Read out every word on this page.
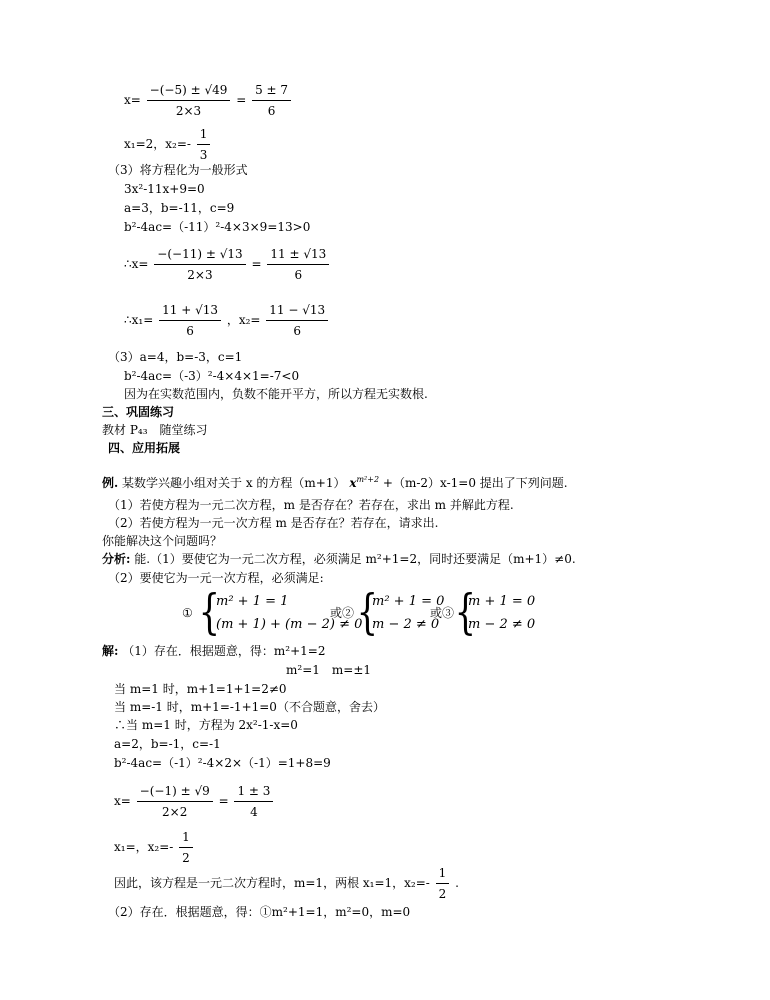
$x= \frac{-(-5) \pm √49}{2\times 3} = \frac{5 \pm 7}{6}$
x₁=2，$x_2=- \frac{1}{3}$
（3）将方程化为一般形式
3x²-11x+9=0
a=3，b=-11，c=9
b²-4ac=（-11）²-4×3×9=13>0
∴x= $\frac{-(-11) \pm √13}{2\times 3} = \frac{11 \pm √13}{6}$
∴x₁= $\frac{11 + √13}{6}$ ，$x_2= \frac{11 - √13}{6}$
（3）a=4，b=-3，c=1
b²-4ac=（-3）²-4×4×1=-7<0
因为在实数范围内，负数不能开平方，所以方程无实数根.
三、巩固练习
教材 P₄₃　随堂练习
四、应用拓展
例. 某数学兴趣小组对关于 x 的方程（m+1） $x^{m^2+2} +(m-2)x-1=0$ 提出了下列问题.
（1）若使方程为一元二次方程，m 是否存在？若存在，求出 m 并解此方程.
（2）若使方程为一元一次方程 m 是否存在？若存在，请求出.
你能解决这个问题吗？
分析: 能.（1）要使它为一元二次方程，必须满足 m²+1=2，同时还要满足（m+1）≠0.
（2）要使它为一元一次方程，必须满足:
① {
m² + 1 = 1
(m + 1) + (m − 2) ≠ 0
或② {
m² + 1 = 0
m − 2 ≠ 0
或③ {
m + 1 = 0
m − 2 ≠ 0
解: （1）存在．根据题意，得：m²+1=2
m²=1　m=±1
当 m=1 时，m+1=1+1=2≠0
当 m=-1 时，m+1=-1+1=0（不合题意，舍去）
∴当 m=1 时，方程为 2x²-1-x=0
a=2，b=-1，c=-1
b²-4ac=（-1）²-4×2×（-1）=1+8=9
$x= \frac{-(-1) \pm √9}{2\times 2} = \frac{1 \pm 3}{4}$
x₁=，$x_2=- \frac{1}{2}$
因此，该方程是一元二次方程时，m=1，两根 x₁=1，$x_2=- \frac{1}{2}$ .
（2）存在．根据题意，得：①m²+1=1，m²=0，m=0
